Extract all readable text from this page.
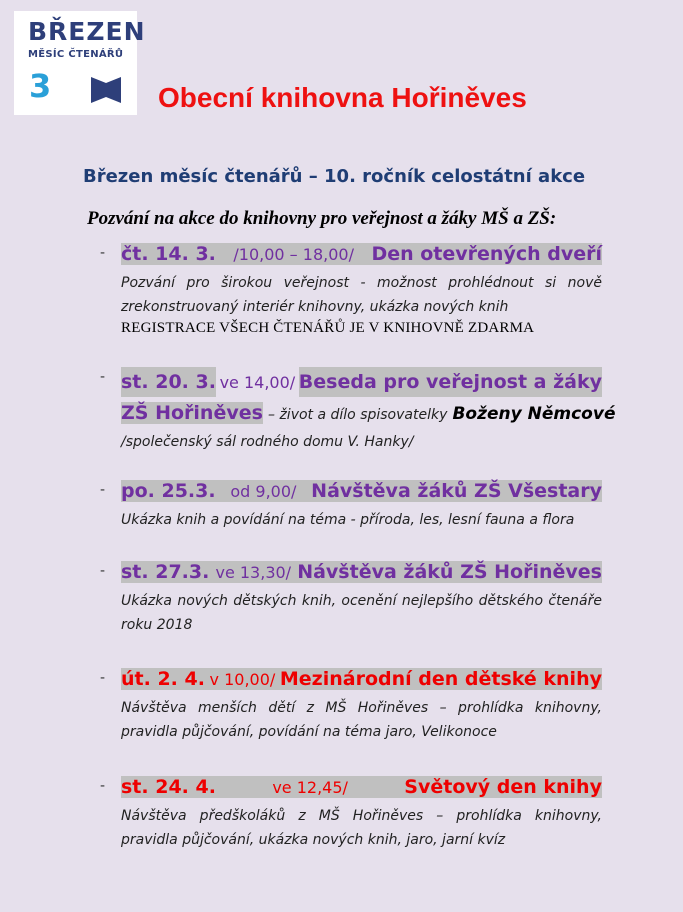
BŘEZEN
MĚSÍC ČTENÁŘŮ
3	Obecní knihovna Hořiněves
Březen měsíc čtenářů – 10. ročník celostátní akce
Pozvání na akce do knihovny pro veřejnost a žáky MŠ a ZŠ:
- čt. 14. 3. /10,00 – 18,00/ Den otevřených dveří
Pozvání pro širokou veřejnost - možnost prohlédnout si nově zrekonstruovaný interiér knihovny, ukázka nových knih
REGISTRACE VŠECH ČTENÁŘŮ JE V KNIHOVNĚ ZDARMA
- st. 20. 3. ve 14,00/ Beseda pro veřejnost a žáky
ZŠ Hořiněves – život a dílo spisovatelky Boženy Němcové
/společenský sál rodného domu V. Hanky/
- po. 25.3. od 9,00/ Návštěva žáků ZŠ Všestary
Ukázka knih a povídání na téma - příroda, les, lesní fauna a flora
- st. 27.3. ve 13,30/ Návštěva žáků ZŠ Hořiněves
Ukázka nových dětských knih, ocenění nejlepšího dětského čtenáře roku 2018
- út. 2. 4. v 10,00/ Mezinárodní den dětské knihy
Návštěva menších dětí z MŠ Hořiněves – prohlídka knihovny, pravidla půjčování, povídání na téma jaro, Velikonoce
- st. 24. 4.	ve 12,45/	Světový den knihy
Návštěva předškoláků z MŠ Hořiněves – prohlídka knihovny, pravidla půjčování, ukázka nových knih, jaro, jarní kvíz
